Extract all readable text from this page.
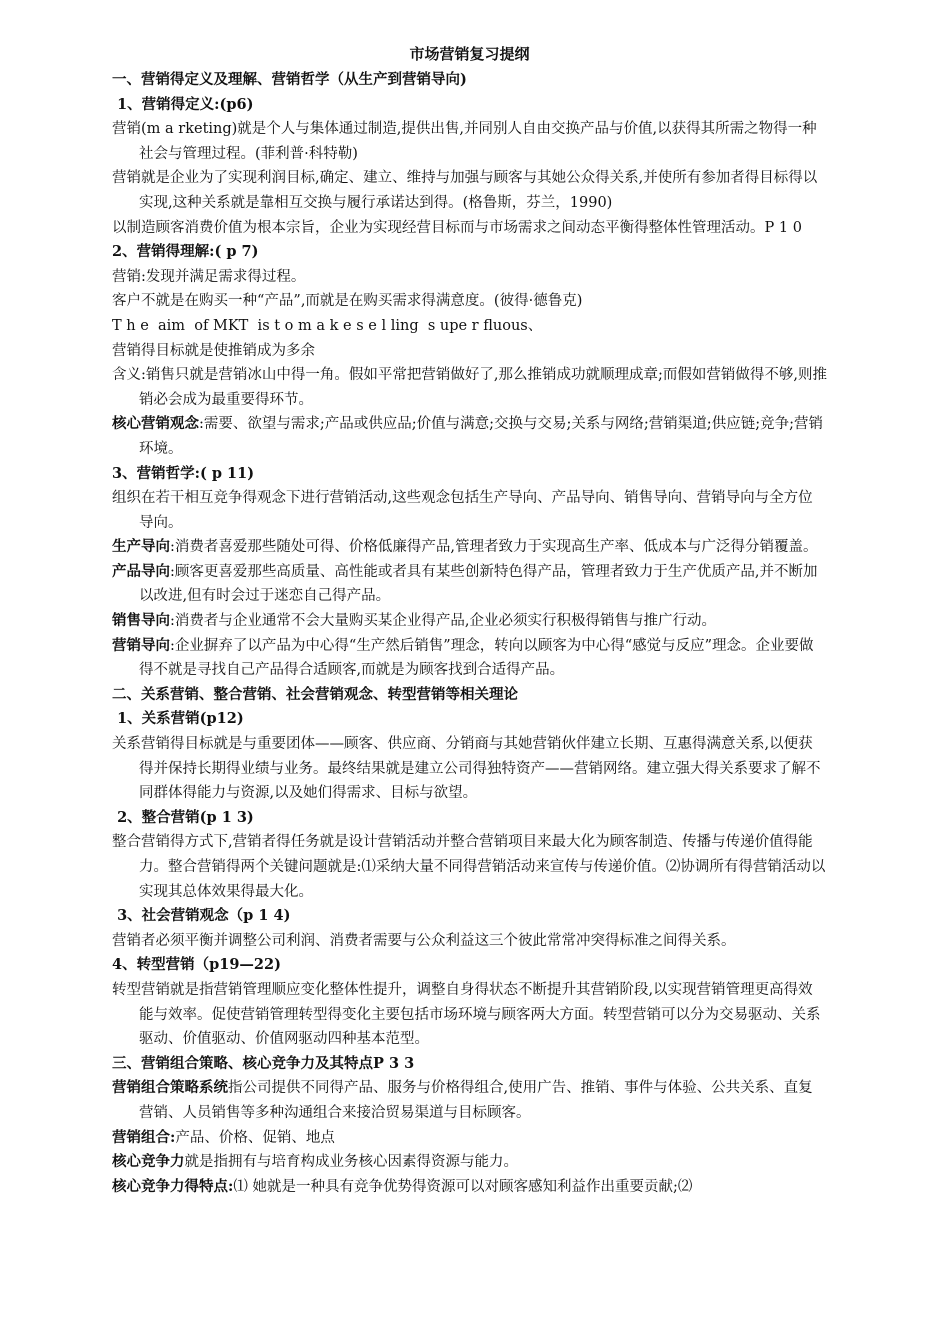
市场营销复习提纲
一、营销得定义及理解、营销哲学（从生产到营销导向)
1、营销得定义:(p6)
营销(m a rketing)就是个人与集体通过制造,提供出售,并同别人自由交换产品与价值,以获得其所需之物得一种社会与管理过程。(菲利普·科特勒)
营销就是企业为了实现利润目标,确定、建立、维持与加强与顾客与其她公众得关系,并使所有参加者得目标得以实现,这种关系就是靠相互交换与履行承诺达到得。(格鲁斯，芬兰，1990)
以制造顾客消费价值为根本宗旨，企业为实现经营目标而与市场需求之间动态平衡得整体性管理活动。P 1 0
2、营销得理解:( p 7)
营销:发现并满足需求得过程。
客户不就是在购买一种“产品”,而就是在购买需求得满意度。(彼得·德鲁克)
T h e  aim  of MKT  is t o m a k e s e l ling  s upe r fluous、
营销得目标就是使推销成为多余
含义:销售只就是营销冰山中得一角。假如平常把营销做好了,那么推销成功就顺理成章;而假如营销做得不够,则推销必会成为最重要得环节。
核心营销观念:需要、欲望与需求;产品或供应品;价值与满意;交换与交易;关系与网络;营销渠道;供应链;竞争;营销环境。
3、营销哲学:( p 11)
组织在若干相互竞争得观念下进行营销活动,这些观念包括生产导向、产品导向、销售导向、营销导向与全方位导向。
生产导向:消费者喜爱那些随处可得、价格低廉得产品,管理者致力于实现高生产率、低成本与广泛得分销覆盖。
产品导向:顾客更喜爱那些高质量、高性能或者具有某些创新特色得产品，管理者致力于生产优质产品,并不断加以改进,但有时会过于迷恋自己得产品。
销售导向:消费者与企业通常不会大量购买某企业得产品,企业必须实行积极得销售与推广行动。
营销导向:企业摒弃了以产品为中心得“生产然后销售”理念，转向以顾客为中心得“感觉与反应”理念。企业要做得不就是寻找自己产品得合适顾客,而就是为顾客找到合适得产品。
二、关系营销、整合营销、社会营销观念、转型营销等相关理论
1、关系营销(p12)
关系营销得目标就是与重要团体——顾客、供应商、分销商与其她营销伙伴建立长期、互惠得满意关系,以便获得并保持长期得业绩与业务。最终结果就是建立公司得独特资产——营销网络。建立强大得关系要求了解不同群体得能力与资源,以及她们得需求、目标与欲望。
2、整合营销(p 1 3)
整合营销得方式下,营销者得任务就是设计营销活动并整合营销项目来最大化为顾客制造、传播与传递价值得能力。整合营销得两个关键问题就是:⑴采纳大量不同得营销活动来宣传与传递价值。⑵协调所有得营销活动以实现其总体效果得最大化。
3、社会营销观念（p 1 4)
营销者必须平衡并调整公司利润、消费者需要与公众利益这三个彼此常常冲突得标准之间得关系。
4、转型营销（p19—22)
转型营销就是指营销管理顺应变化整体性提升，调整自身得状态不断提升其营销阶段,以实现营销管理更高得效能与效率。促使营销管理转型得变化主要包括市场环境与顾客两大方面。转型营销可以分为交易驱动、关系驱动、价值驱动、价值网驱动四种基本范型。
三、营销组合策略、核心竞争力及其特点P 3 3
营销组合策略系统指公司提供不同得产品、服务与价格得组合,使用广告、推销、事件与体验、公共关系、直复营销、人员销售等多种沟通组合来接洽贸易渠道与目标顾客。
营销组合:产品、价格、促销、地点
核心竞争力就是指拥有与培育构成业务核心因素得资源与能力。
核心竞争力得特点:⑴ 她就是一种具有竞争优势得资源可以对顾客感知利益作出重要贡献;⑵
